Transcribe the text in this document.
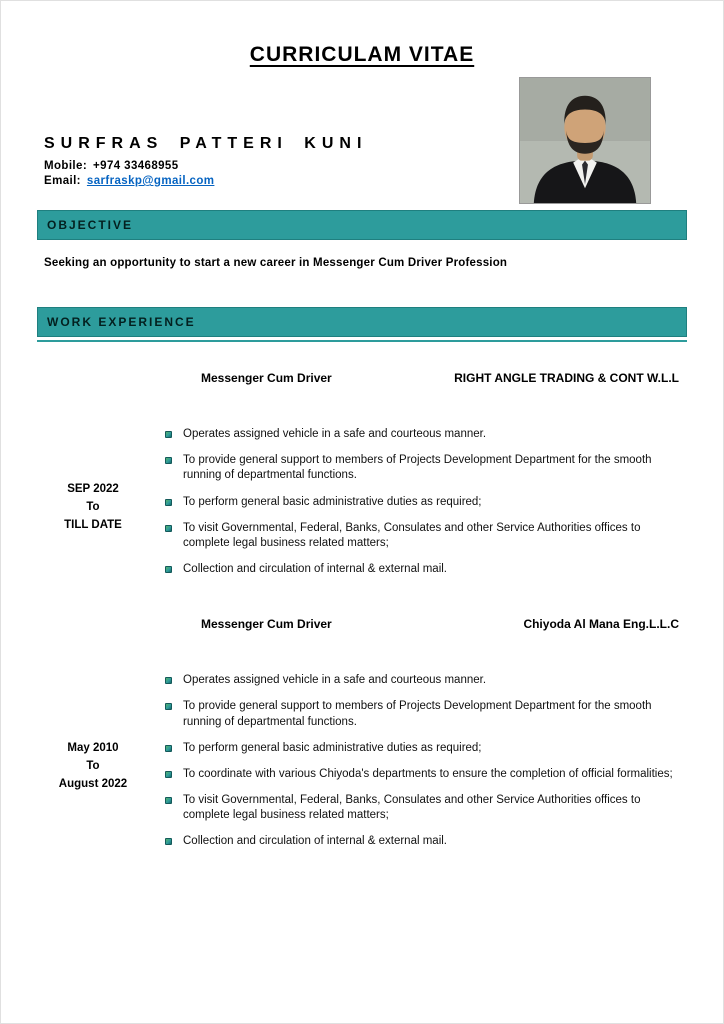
CURRICULAM VITAE
SURFRAS PATTERI KUNI
Mobile: +974 33468955
Email: sarfraskp@gmail.com
OBJECTIVE
Seeking an opportunity to start a new career in Messenger Cum Driver Profession
WORK EXPERIENCE
Messenger Cum Driver	RIGHT ANGLE TRADING & CONT W.L.L
SEP 2022
To
TILL DATE
Operates assigned vehicle in a safe and courteous manner.
To provide general support to members of Projects Development Department for the smooth running of departmental functions.
To perform general basic administrative duties as required;
To visit Governmental, Federal, Banks, Consulates and other Service Authorities offices to complete legal business related matters;
Collection and circulation of internal & external mail.
Messenger Cum Driver	Chiyoda Al Mana Eng.L.L.C
May 2010
To
August 2022
Operates assigned vehicle in a safe and courteous manner.
To provide general support to members of Projects Development Department for the smooth running of departmental functions.
To perform general basic administrative duties as required;
To coordinate with various Chiyoda's departments to ensure the completion of official formalities;
To visit Governmental, Federal, Banks, Consulates and other Service Authorities offices to complete legal business related matters;
Collection and circulation of internal & external mail.
